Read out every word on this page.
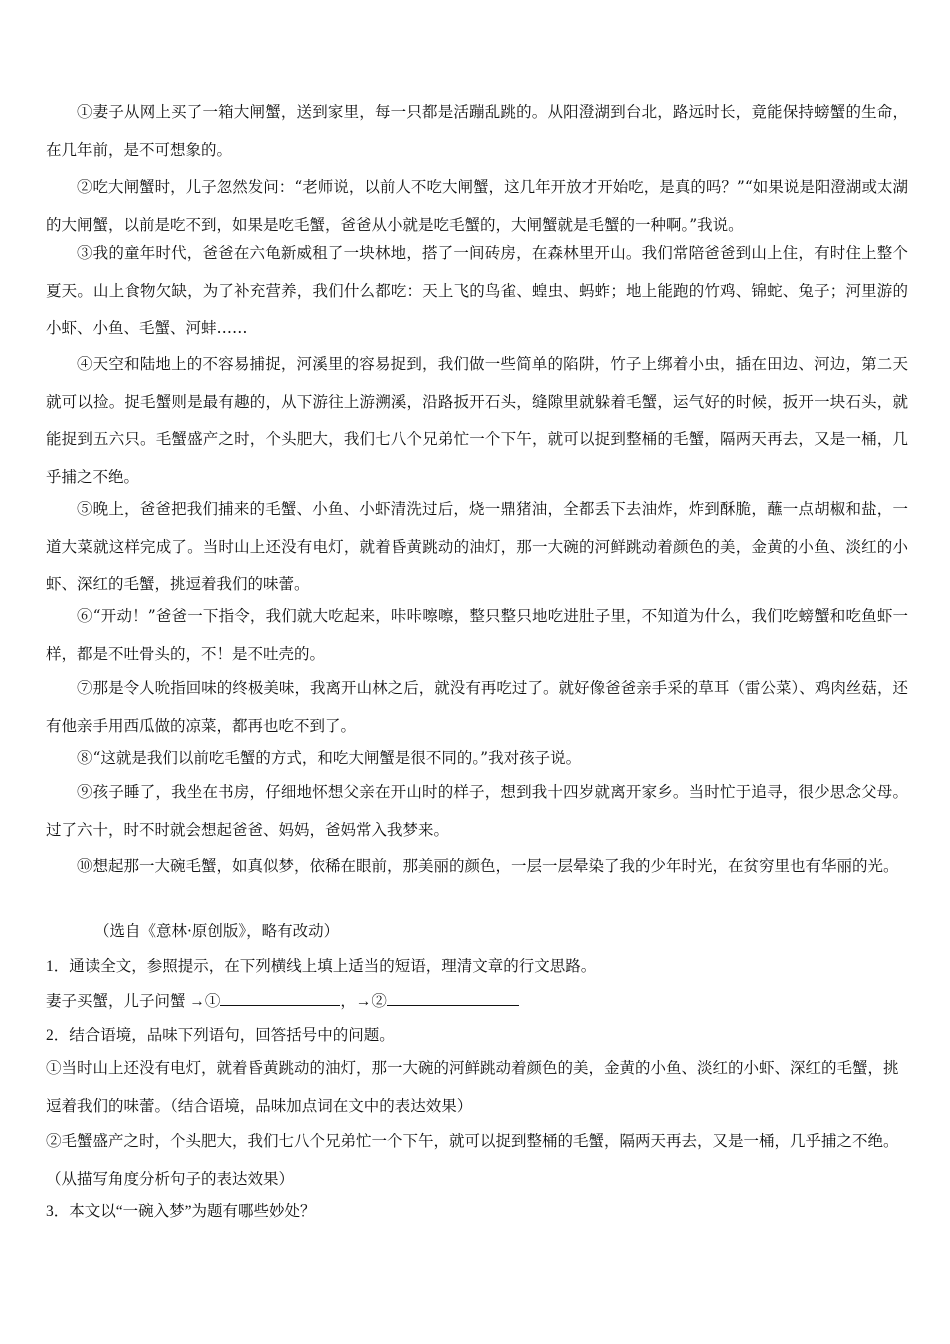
①妻子从网上买了一箱大闸蟹，送到家里，每一只都是活蹦乱跳的。从阳澄湖到台北，路远时长，竟能保持螃蟹的生命，在几年前，是不可想象的。
②吃大闸蟹时，儿子忽然发问：“老师说，以前人不吃大闸蟹，这几年开放才开始吃，是真的吗？”“如果说是阳澄湖或太湖的大闸蟹，以前是吃不到，如果是吃毛蟹，爸爸从小就是吃毛蟹的，大闸蟹就是毛蟹的一种啊。”我说。
③我的童年时代，爸爸在六龟新威租了一块林地，搭了一间砖房，在森林里开山。我们常陪爸爸到山上住，有时住上整个夏天。山上食物欠缺，为了补充营养，我们什么都吃：天上飞的鸟雀、蝗虫、蚂蚱；地上能跑的竹鸡、锦蛇、兔子；河里游的小虾、小鱼、毛蟹、河蚌……
④天空和陆地上的不容易捕捉，河溪里的容易捉到，我们做一些简单的陷阱，竹子上绑着小虫，插在田边、河边，第二天就可以捡。捉毛蟹则是最有趣的，从下游往上游溯溪，沿路扳开石头，缝隙里就躲着毛蟹，运气好的时候，扳开一块石头，就能捉到五六只。毛蟹盛产之时，个头肥大，我们七八个兄弟忙一个下午，就可以捉到整桶的毛蟹，隔两天再去，又是一桶，几乎捕之不绝。
⑤晚上，爸爸把我们捕来的毛蟹、小鱼、小虾清洗过后，烧一鼎猪油，全都丢下去油炸，炸到酥脆，蘸一点胡椒和盐，一道大菜就这样完成了。当时山上还没有电灯，就着昏黄跳动的油灯，那一大碗的河鲜跳动着颜色的美，金黄的小鱼、淡红的小虾、深红的毛蟹，挑逗着我们的味蕾。
⑥“开动！”爸爸一下指令，我们就大吃起来，咔咔嚓嚓，整只整只地吃进肚子里，不知道为什么，我们吃螃蟹和吃鱼虾一样，都是不吐骨头的，不！是不吐壳的。
⑦那是令人吮指回味的终极美味，我离开山林之后，就没有再吃过了。就好像爸爸亲手采的草耳（雷公菜）、鸡肉丝菇，还有他亲手用西瓜做的凉菜，都再也吃不到了。
⑧“这就是我们以前吃毛蟹的方式，和吃大闸蟹是很不同的。”我对孩子说。
⑨孩子睡了，我坐在书房，仔细地怀想父亲在开山时的样子，想到我十四岁就离开家乡。当时忙于追寻，很少思念父母。过了六十，时不时就会想起爸爸、妈妈，爸妈常入我梦来。
⑩想起那一大碗毛蟹，如真似梦，依稀在眼前，那美丽的颜色，一层一层晕染了我的少年时光，在贫穷里也有华丽的光。
（选自《意林·原创版》，略有改动）
1．通读全文，参照提示，在下列横线上填上适当的短语，理清文章的行文思路。
妻子买蟹，儿子问蟹 →①	，→②
2．结合语境，品味下列语句，回答括号中的问题。
①当时山上还没有电灯，就着昏黄跳动的油灯，那一大碗的河鲜跳动着颜色的美，金黄的小鱼、淡红的小虾、深红的毛蟹，挑逗着我们的味蕾。（结合语境，品味加点词在文中的表达效果）
②毛蟹盛产之时，个头肥大，我们七八个兄弟忙一个下午，就可以捉到整桶的毛蟹，隔两天再去，又是一桶，几乎捕之不绝。（从描写角度分析句子的表达效果）
3．本文以“一碗入梦”为题有哪些妙处？
